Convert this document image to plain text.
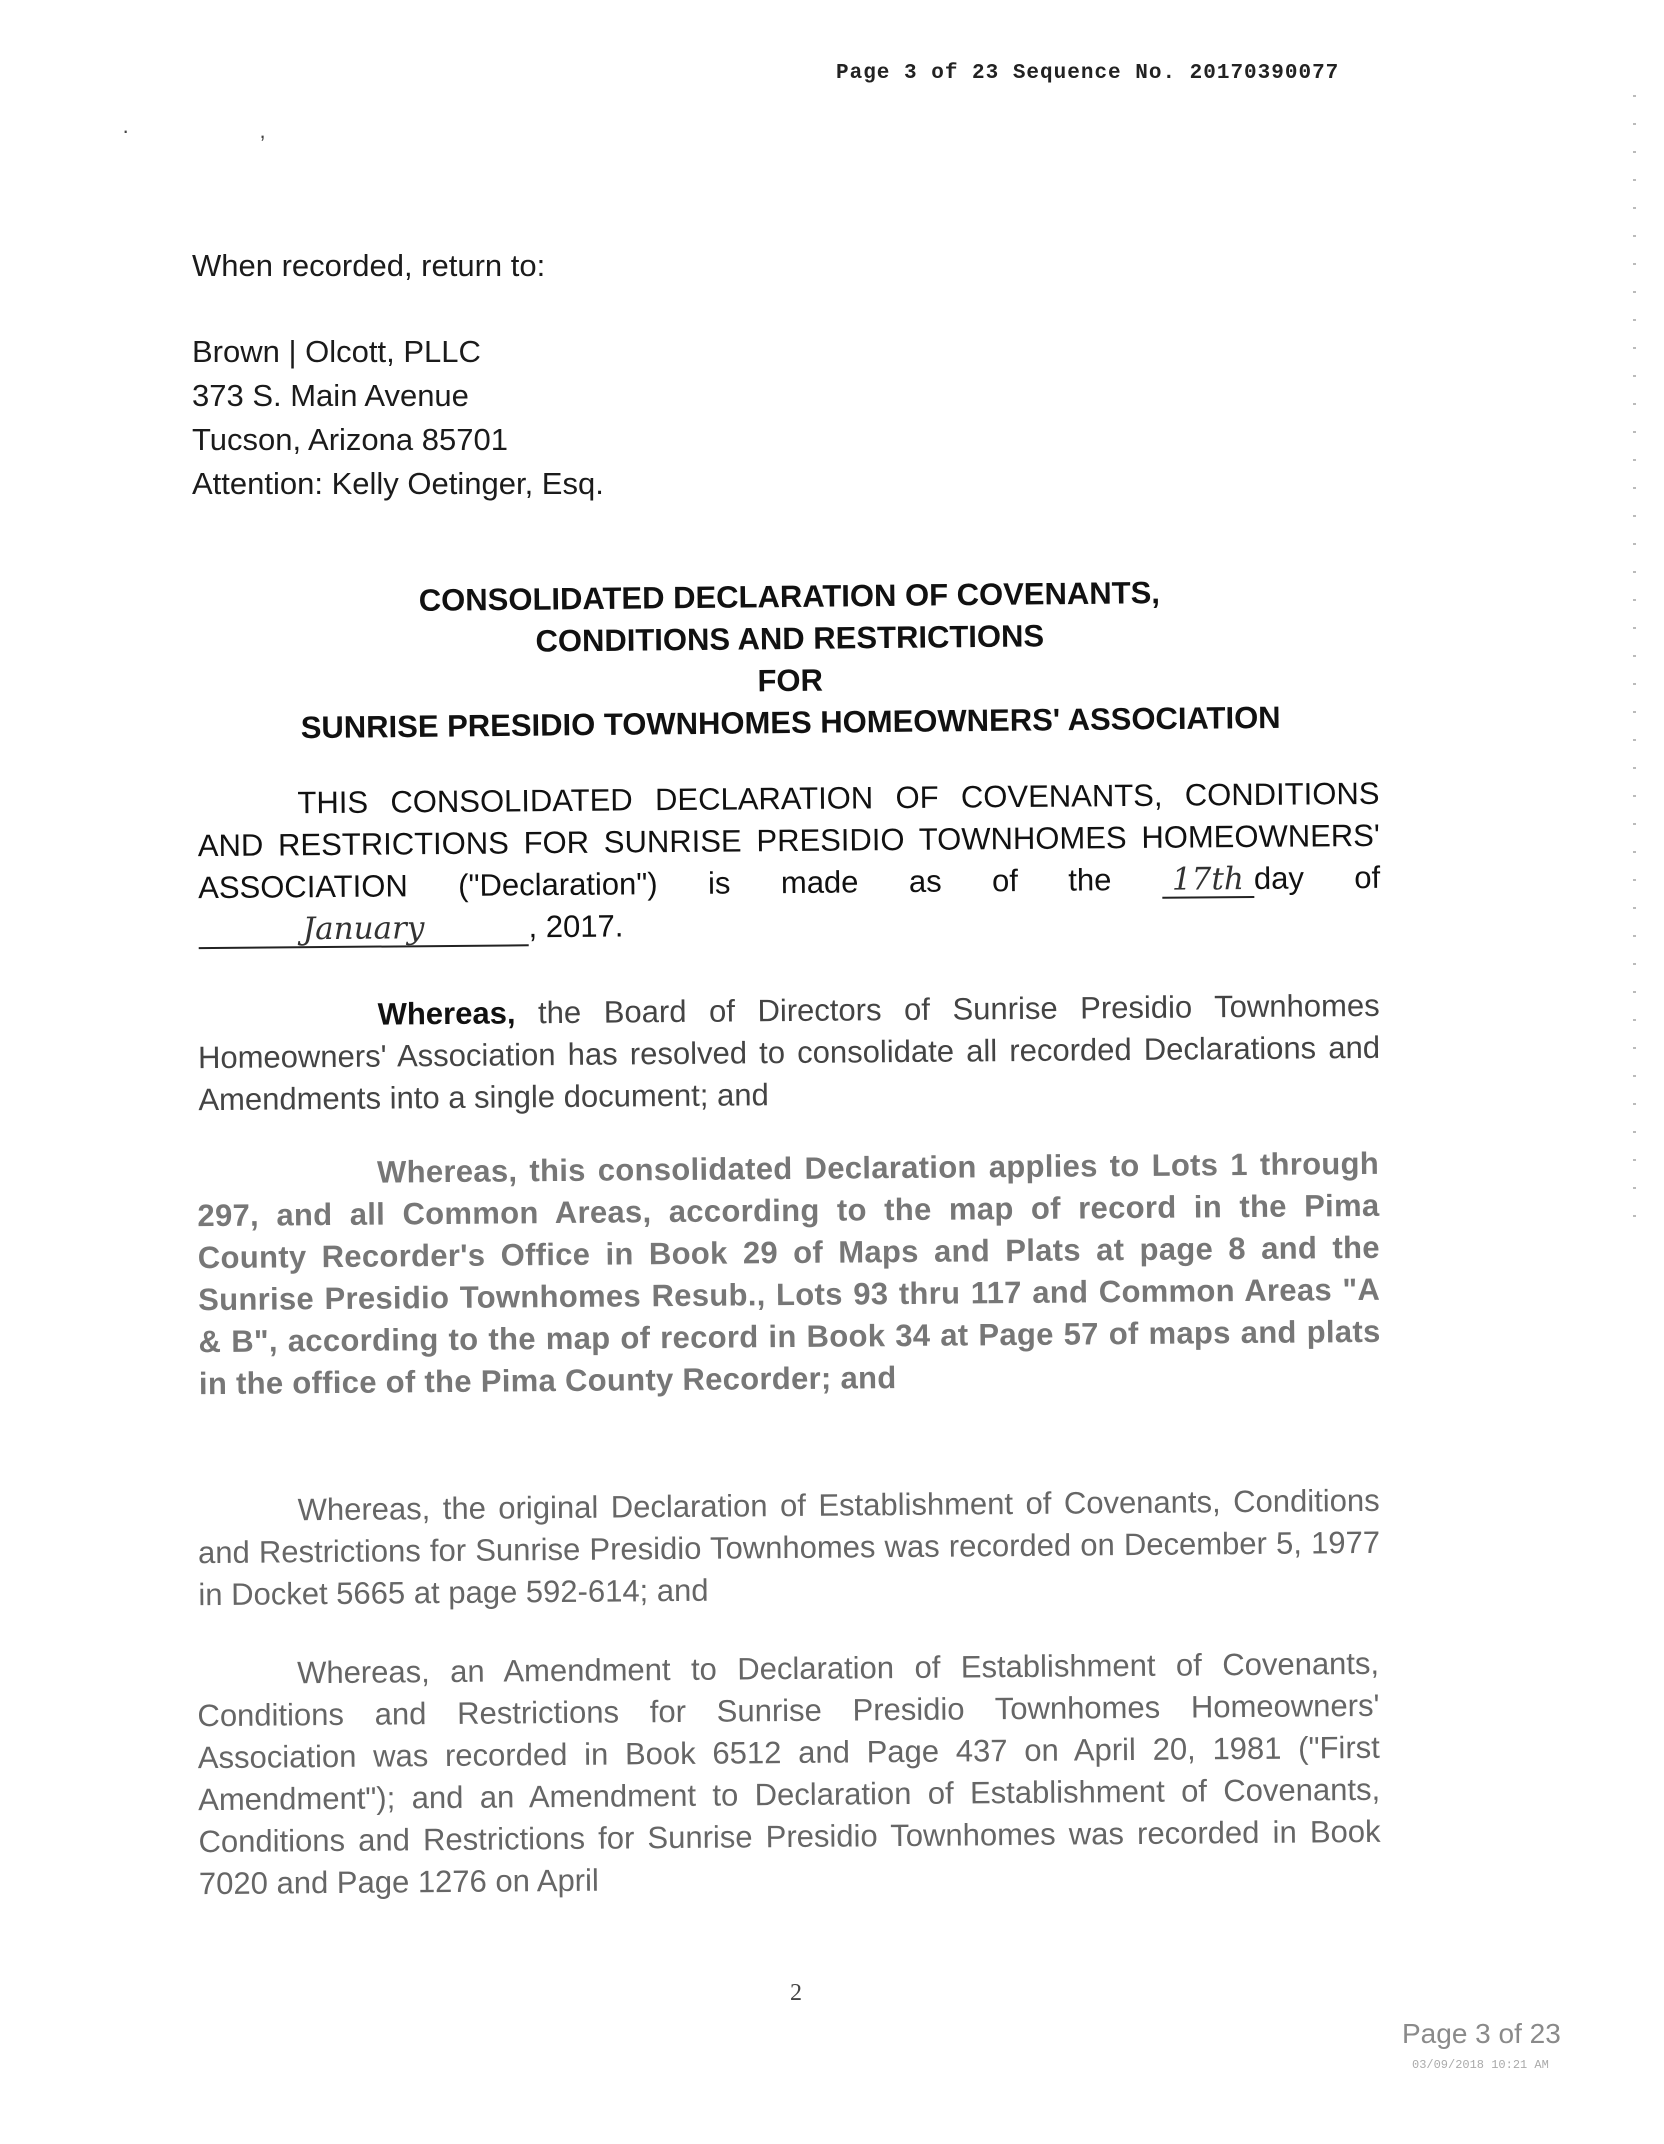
Page 3 of 23 Sequence No. 20170390077
· ,
When recorded, return to:
Brown | Olcott, PLLC
373 S. Main Avenue
Tucson, Arizona 85701
Attention: Kelly Oetinger, Esq.
CONSOLIDATED DECLARATION OF COVENANTS,
CONDITIONS AND RESTRICTIONS
FOR
SUNRISE PRESIDIO TOWNHOMES HOMEOWNERS' ASSOCIATION
THIS CONSOLIDATED DECLARATION OF COVENANTS, CONDITIONS AND RESTRICTIONS FOR SUNRISE PRESIDIO TOWNHOMES HOMEOWNERS' ASSOCIATION ("Declaration") is made as of the 17th day of January	, 2017.
Whereas, the Board of Directors of Sunrise Presidio Townhomes Homeowners' Association has resolved to consolidate all recorded Declarations and Amendments into a single document; and
Whereas, this consolidated Declaration applies to Lots 1 through 297, and all Common Areas, according to the map of record in the Pima County Recorder's Office in Book 29 of Maps and Plats at page 8 and the Sunrise Presidio Townhomes Resub., Lots 93 thru 117 and Common Areas "A & B", according to the map of record in Book 34 at Page 57 of maps and plats in the office of the Pima County Recorder; and
Whereas, the original Declaration of Establishment of Covenants, Conditions and Restrictions for Sunrise Presidio Townhomes was recorded on December 5, 1977 in Docket 5665 at page 592-614; and
Whereas, an Amendment to Declaration of Establishment of Covenants, Conditions and Restrictions for Sunrise Presidio Townhomes Homeowners' Association was recorded in Book 6512 and Page 437 on April 20, 1981 ("First Amendment"); and an Amendment to Declaration of Establishment of Covenants, Conditions and Restrictions for Sunrise Presidio Townhomes was recorded in Book 7020 and Page 1276 on April
2
Page 3 of 23
03/09/2018 10:21 AM
